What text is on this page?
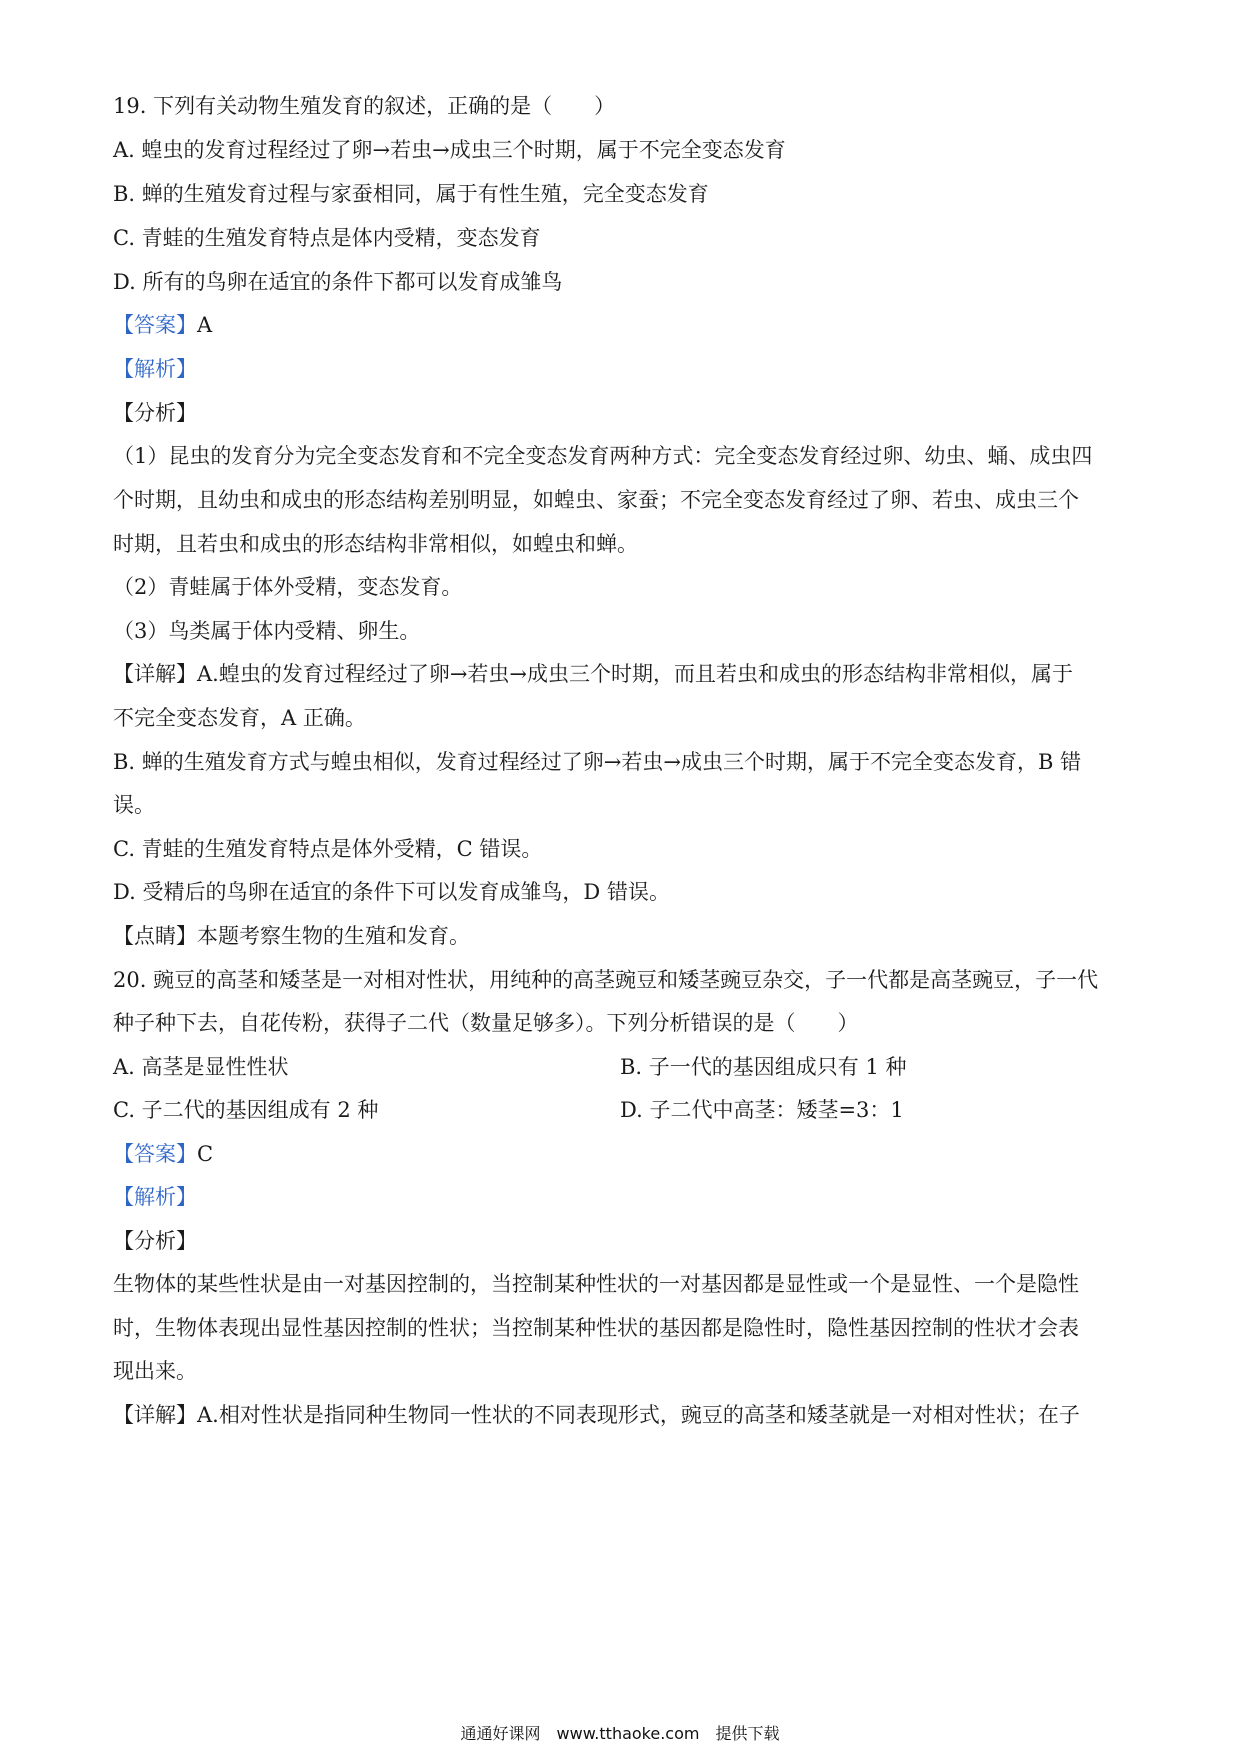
19. 下列有关动物生殖发育的叙述，正确的是（　　）
A. 蝗虫的发育过程经过了卵→若虫→成虫三个时期，属于不完全变态发育
B. 蝉的生殖发育过程与家蚕相同，属于有性生殖，完全变态发育
C. 青蛙的生殖发育特点是体内受精，变态发育
D. 所有的鸟卵在适宜的条件下都可以发育成雏鸟
【答案】A
【解析】
【分析】
（1）昆虫的发育分为完全变态发育和不完全变态发育两种方式：完全变态发育经过卵、幼虫、蛹、成虫四
个时期，且幼虫和成虫的形态结构差别明显，如蝗虫、家蚕；不完全变态发育经过了卵、若虫、成虫三个
时期，且若虫和成虫的形态结构非常相似，如蝗虫和蝉。
（2）青蛙属于体外受精，变态发育。
（3）鸟类属于体内受精、卵生。
【详解】A.蝗虫的发育过程经过了卵→若虫→成虫三个时期，而且若虫和成虫的形态结构非常相似，属于
不完全变态发育，A 正确。
B. 蝉的生殖发育方式与蝗虫相似，发育过程经过了卵→若虫→成虫三个时期，属于不完全变态发育，B 错
误。
C. 青蛙的生殖发育特点是体外受精，C 错误。
D. 受精后的鸟卵在适宜的条件下可以发育成雏鸟，D 错误。
【点睛】本题考察生物的生殖和发育。
20. 豌豆的高茎和矮茎是一对相对性状，用纯种的高茎豌豆和矮茎豌豆杂交，子一代都是高茎豌豆，子一代
种子种下去，自花传粉，获得子二代（数量足够多）。下列分析错误的是（　　）
A. 高茎是显性性状	B. 子一代的基因组成只有 1 种
C. 子二代的基因组成有 2 种	D. 子二代中高茎：矮茎=3：1
【答案】C
【解析】
【分析】
生物体的某些性状是由一对基因控制的，当控制某种性状的一对基因都是显性或一个是显性、一个是隐性
时，生物体表现出显性基因控制的性状；当控制某种性状的基因都是隐性时，隐性基因控制的性状才会表
现出来。
【详解】A.相对性状是指同种生物同一性状的不同表现形式，豌豆的高茎和矮茎就是一对相对性状；在子
通通好课网　www.tthaoke.com　提供下载
